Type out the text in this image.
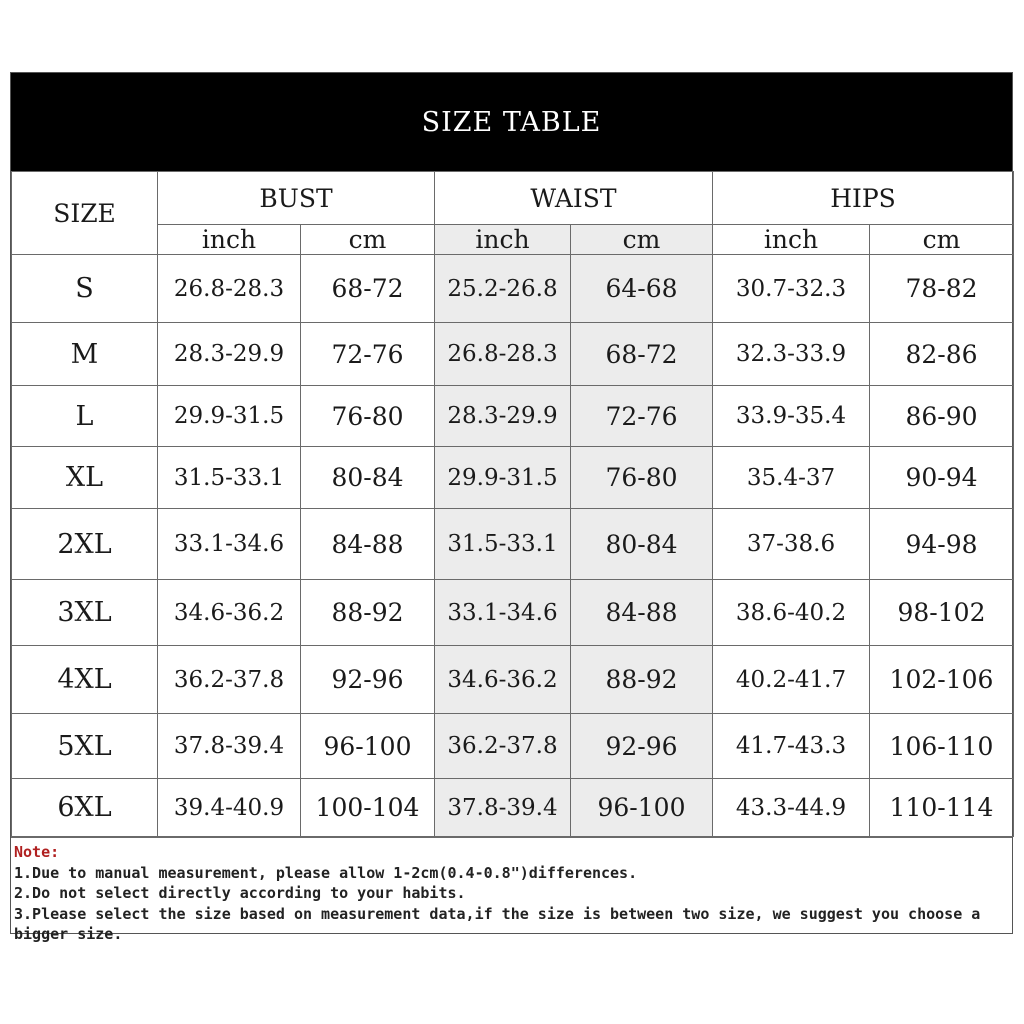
SIZE TABLE
SIZE	BUST		WAIST		HIPS	
	inch	cm	inch	cm	inch	cm
S	26.8-28.3	68-72	25.2-26.8	64-68	30.7-32.3	78-82
M	28.3-29.9	72-76	26.8-28.3	68-72	32.3-33.9	82-86
L	29.9-31.5	76-80	28.3-29.9	72-76	33.9-35.4	86-90
XL	31.5-33.1	80-84	29.9-31.5	76-80	35.4-37	90-94
2XL	33.1-34.6	84-88	31.5-33.1	80-84	37-38.6	94-98
3XL	34.6-36.2	88-92	33.1-34.6	84-88	38.6-40.2	98-102
4XL	36.2-37.8	92-96	34.6-36.2	88-92	40.2-41.7	102-106
5XL	37.8-39.4	96-100	36.2-37.8	92-96	41.7-43.3	106-110
6XL	39.4-40.9	100-104	37.8-39.4	96-100	43.3-44.9	110-114
Note:
1.Due to manual measurement, please allow 1-2cm(0.4-0.8")differences.
2.Do not select directly according to your habits.
3.Please select the size based on measurement data,if the size is between two size, we suggest you choose a bigger size.
